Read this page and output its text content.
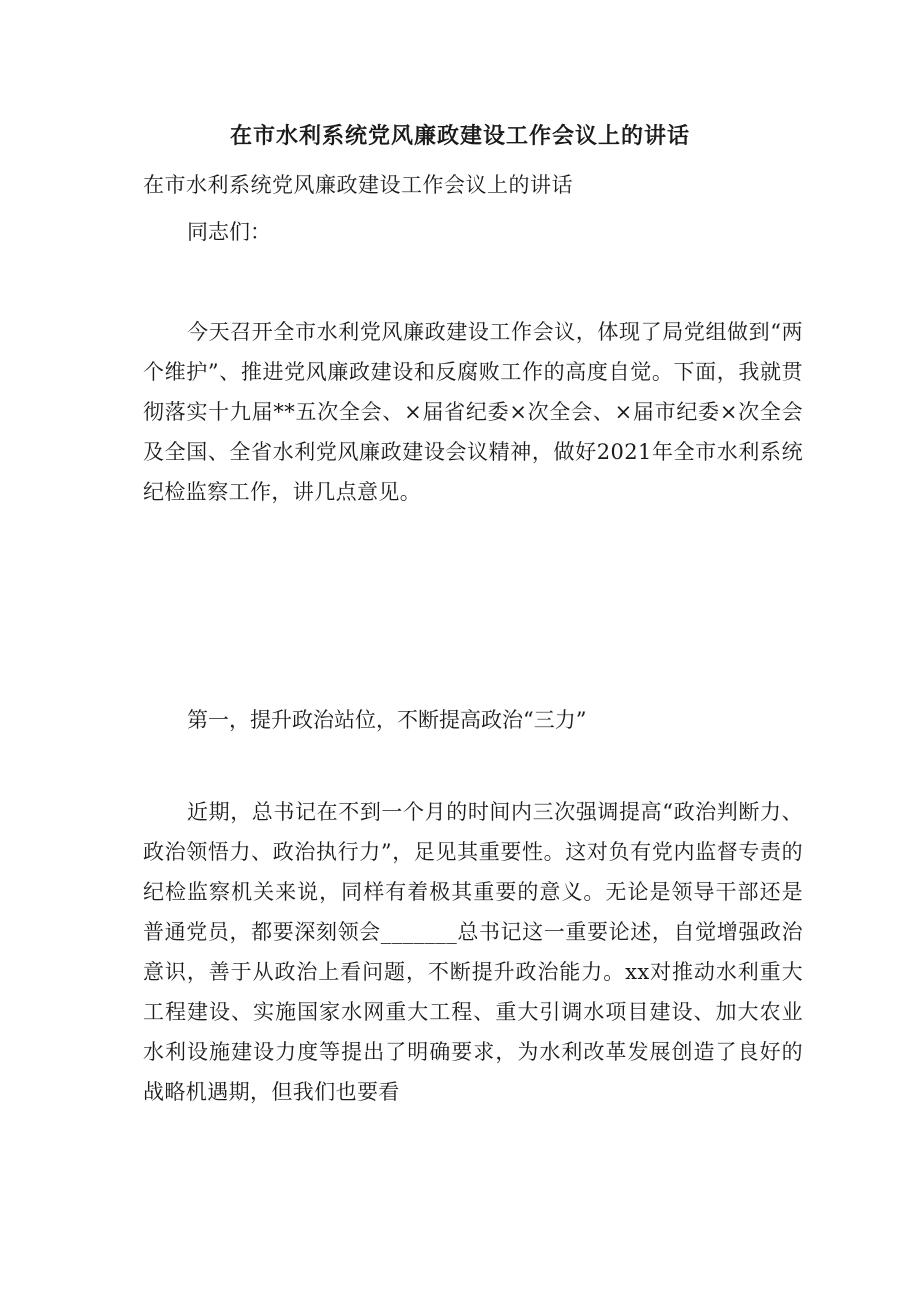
在市水利系统党风廉政建设工作会议上的讲话
在市水利系统党风廉政建设工作会议上的讲话
同志们：
今天召开全市水利党风廉政建设工作会议，体现了局党组做到“两个维护”、推进党风廉政建设和反腐败工作的高度自觉。下面，我就贯彻落实十九届**五次全会、×届省纪委×次全会、×届市纪委×次全会及全国、全省水利党风廉政建设会议精神，做好2021年全市水利系统纪检监察工作，讲几点意见。
第一，提升政治站位，不断提高政治“三力”
近期，总书记在不到一个月的时间内三次强调提高“政治判断力、政治领悟力、政治执行力”，足见其重要性。这对负有党内监督专责的纪检监察机关来说，同样有着极其重要的意义。无论是领导干部还是普通党员，都要深刻领会_______总书记这一重要论述，自觉增强政治意识，善于从政治上看问题，不断提升政治能力。xx对推动水利重大工程建设、实施国家水网重大工程、重大引调水项目建设、加大农业水利设施建设力度等提出了明确要求，为水利改革发展创造了良好的战略机遇期，但我们也要看
